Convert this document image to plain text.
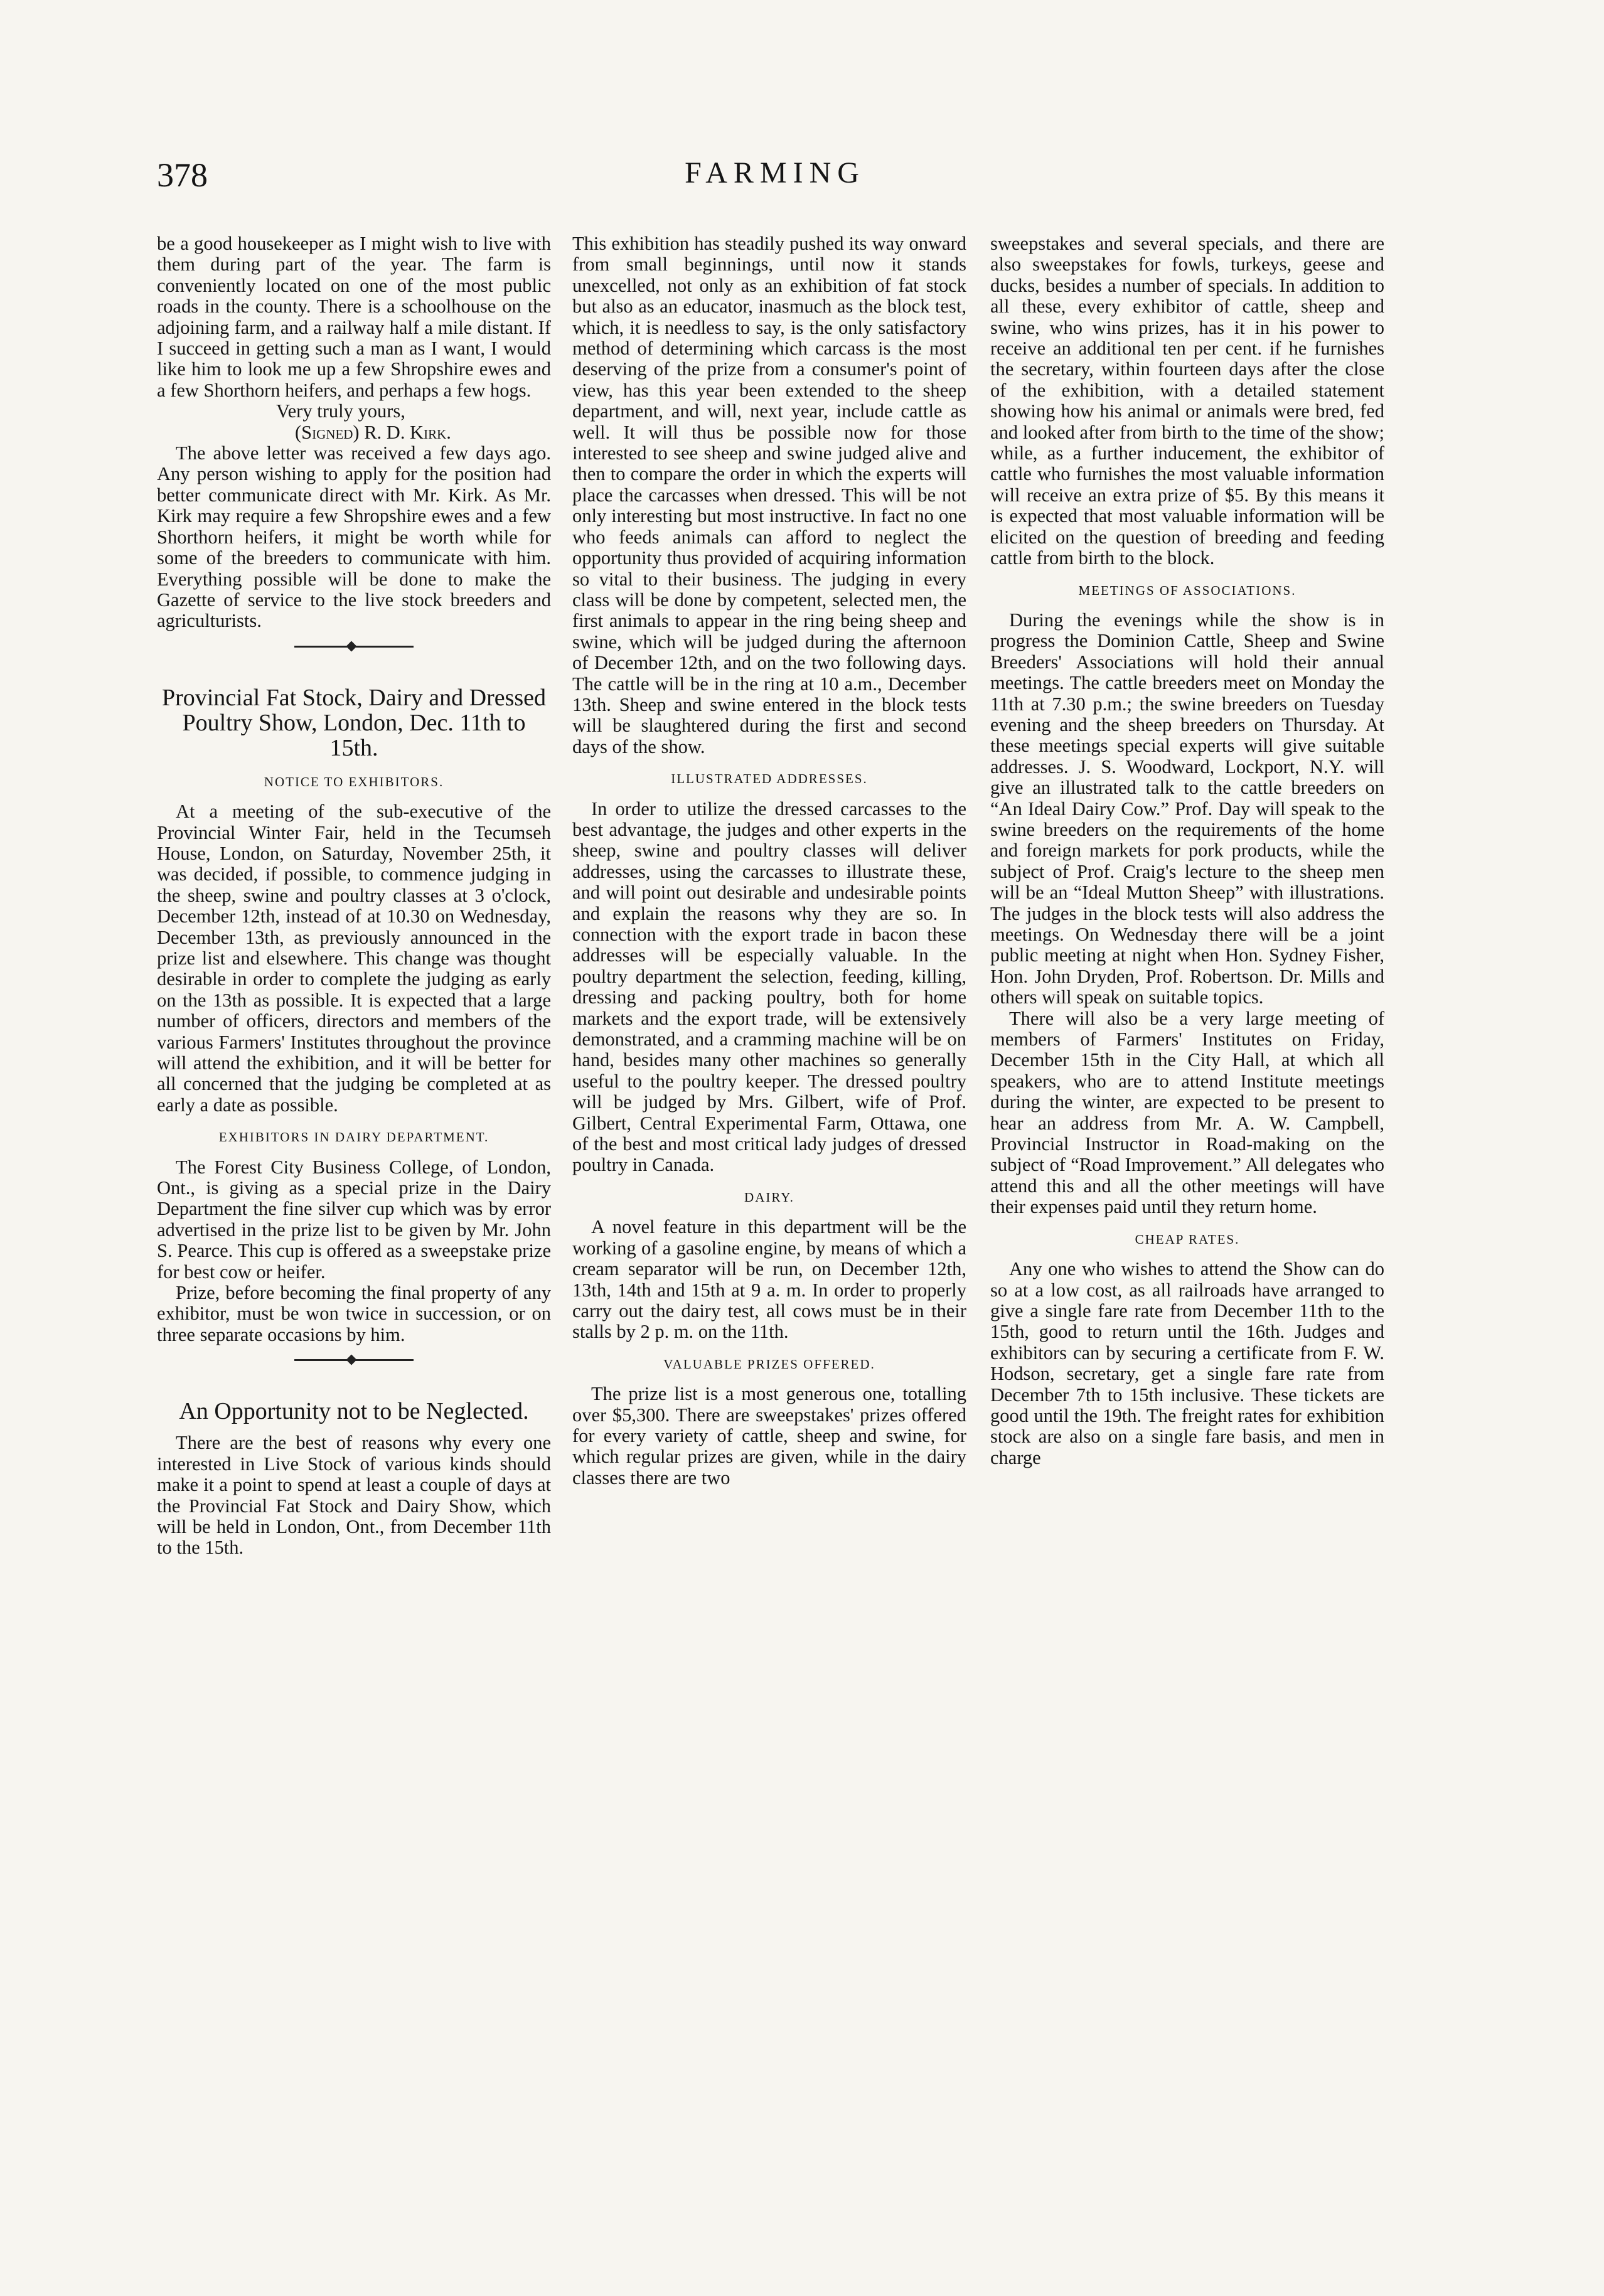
378	FARMING

be a good housekeeper as I might wish to live with them during part of the year. The farm is conveniently located on one of the most public roads in the county. There is a schoolhouse on the adjoining farm, and a railway half a mile distant. If I succeed in getting such a man as I want, I would like him to look me up a few Shropshire ewes and a few Shorthorn heifers, and perhaps a few hogs.

Very truly yours,

(Signed) R. D. Kirk.

The above letter was received a few days ago. Any person wishing to apply for the position had better communicate direct with Mr. Kirk. As Mr. Kirk may require a few Shropshire ewes and a few Shorthorn heifers, it might be worth while for some of the breeders to communicate with him. Everything possible will be done to make the Gazette of service to the live stock breeders and agriculturists.

Provincial Fat Stock, Dairy and Dressed Poultry Show, London, Dec. 11th to 15th.
NOTICE TO EXHIBITORS.

At a meeting of the sub-executive of the Provincial Winter Fair, held in the Tecumseh House, London, on Saturday, November 25th, it was decided, if possible, to commence judging in the sheep, swine and poultry classes at 3 o'clock, December 12th, instead of at 10.30 on Wednesday, December 13th, as previously announced in the prize list and elsewhere. This change was thought desirable in order to complete the judging as early on the 13th as possible. It is expected that a large number of officers, directors and members of the various Farmers' Institutes throughout the province will attend the exhibition, and it will be better for all concerned that the judging be completed at as early a date as possible.

EXHIBITORS IN DAIRY DEPARTMENT.

The Forest City Business College, of London, Ont., is giving as a special prize in the Dairy Department the fine silver cup which was by error advertised in the prize list to be given by Mr. John S. Pearce. This cup is offered as a sweepstake prize for best cow or heifer.

Prize, before becoming the final property of any exhibitor, must be won twice in succession, or on three separate occasions by him.

An Opportunity not to be Neglected.

There are the best of reasons why every one interested in Live Stock of various kinds should make it a point to spend at least a couple of days at the Provincial Fat Stock and Dairy Show, which will be held in London, Ont., from December 11th to the 15th.

This exhibition has steadily pushed its way onward from small beginnings, until now it stands unexcelled, not only as an exhibition of fat stock but also as an educator, inasmuch as the block test, which, it is needless to say, is the only satisfactory method of determining which carcass is the most deserving of the prize from a consumer's point of view, has this year been extended to the sheep department, and will, next year, include cattle as well. It will thus be possible now for those interested to see sheep and swine judged alive and then to compare the order in which the experts will place the carcasses when dressed. This will be not only interesting but most instructive. In fact no one who feeds animals can afford to neglect the opportunity thus provided of acquiring information so vital to their business. The judging in every class will be done by competent, selected men, the first animals to appear in the ring being sheep and swine, which will be judged during the afternoon of December 12th, and on the two following days. The cattle will be in the ring at 10 a.m., December 13th. Sheep and swine entered in the block tests will be slaughtered during the first and second days of the show.

ILLUSTRATED ADDRESSES.

In order to utilize the dressed carcasses to the best advantage, the judges and other experts in the sheep, swine and poultry classes will deliver addresses, using the carcasses to illustrate these, and will point out desirable and undesirable points and explain the reasons why they are so. In connection with the export trade in bacon these addresses will be especially valuable. In the poultry department the selection, feeding, killing, dressing and packing poultry, both for home markets and the export trade, will be extensively demonstrated, and a cramming machine will be on hand, besides many other machines so generally useful to the poultry keeper. The dressed poultry will be judged by Mrs. Gilbert, wife of Prof. Gilbert, Central Experimental Farm, Ottawa, one of the best and most critical lady judges of dressed poultry in Canada.

DAIRY.

A novel feature in this department will be the working of a gasoline engine, by means of which a cream separator will be run, on December 12th, 13th, 14th and 15th at 9 a. m. In order to properly carry out the dairy test, all cows must be in their stalls by 2 p. m. on the 11th.

VALUABLE PRIZES OFFERED.

The prize list is a most generous one, totalling over $5,300. There are sweepstakes' prizes offered for every variety of cattle, sheep and swine, for which regular prizes are given, while in the dairy classes there are two

sweepstakes and several specials, and there are also sweepstakes for fowls, turkeys, geese and ducks, besides a number of specials. In addition to all these, every exhibitor of cattle, sheep and swine, who wins prizes, has it in his power to receive an additional ten per cent. if he furnishes the secretary, within fourteen days after the close of the exhibition, with a detailed statement showing how his animal or animals were bred, fed and looked after from birth to the time of the show; while, as a further inducement, the exhibitor of cattle who furnishes the most valuable information will receive an extra prize of $5. By this means it is expected that most valuable information will be elicited on the question of breeding and feeding cattle from birth to the block.

MEETINGS OF ASSOCIATIONS.

During the evenings while the show is in progress the Dominion Cattle, Sheep and Swine Breeders' Associations will hold their annual meetings. The cattle breeders meet on Monday the 11th at 7.30 p.m.; the swine breeders on Tuesday evening and the sheep breeders on Thursday. At these meetings special experts will give suitable addresses. J. S. Woodward, Lockport, N.Y. will give an illustrated talk to the cattle breeders on “An Ideal Dairy Cow.” Prof. Day will speak to the swine breeders on the requirements of the home and foreign markets for pork products, while the subject of Prof. Craig's lecture to the sheep men will be an “Ideal Mutton Sheep” with illustrations. The judges in the block tests will also address the meetings. On Wednesday there will be a joint public meeting at night when Hon. Sydney Fisher, Hon. John Dryden, Prof. Robertson. Dr. Mills and others will speak on suitable topics.

There will also be a very large meeting of members of Farmers' Institutes on Friday, December 15th in the City Hall, at which all speakers, who are to attend Institute meetings during the winter, are expected to be present to hear an address from Mr. A. W. Campbell, Provincial Instructor in Road-making on the subject of “Road Improvement.” All delegates who attend this and all the other meetings will have their expenses paid until they return home.

CHEAP RATES.

Any one who wishes to attend the Show can do so at a low cost, as all railroads have arranged to give a single fare rate from December 11th to the 15th, good to return until the 16th. Judges and exhibitors can by securing a certificate from F. W. Hodson, secretary, get a single fare rate from December 7th to 15th inclusive. These tickets are good until the 19th. The freight rates for exhibition stock are also on a single fare basis, and men in charge
